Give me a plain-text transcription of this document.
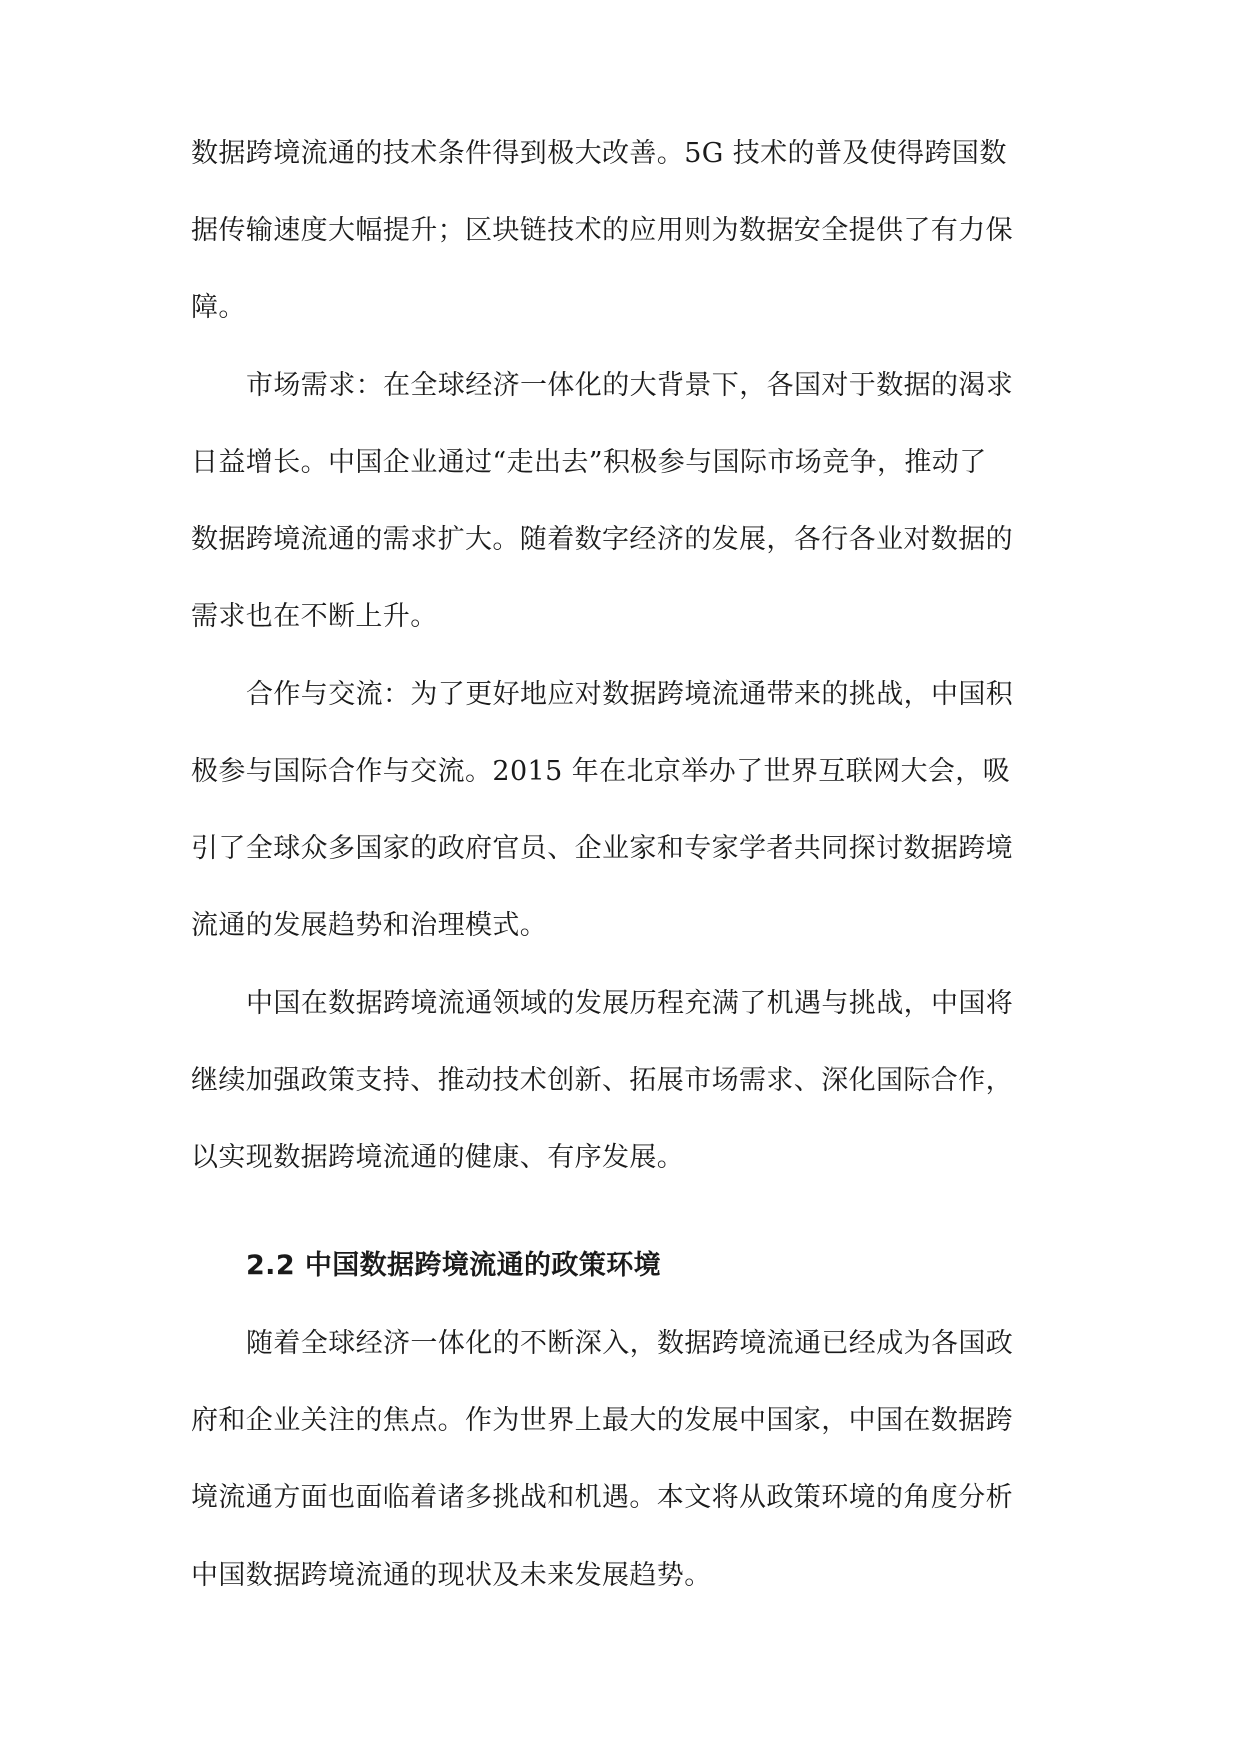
数据跨境流通的技术条件得到极大改善。5G 技术的普及使得跨国数
据传输速度大幅提升；区块链技术的应用则为数据安全提供了有力保
障。
市场需求：在全球经济一体化的大背景下，各国对于数据的渴求
日益增长。中国企业通过“走出去”积极参与国际市场竞争，推动了
数据跨境流通的需求扩大。随着数字经济的发展，各行各业对数据的
需求也在不断上升。
合作与交流：为了更好地应对数据跨境流通带来的挑战，中国积
极参与国际合作与交流。2015 年在北京举办了世界互联网大会，吸
引了全球众多国家的政府官员、企业家和专家学者共同探讨数据跨境
流通的发展趋势和治理模式。
中国在数据跨境流通领域的发展历程充满了机遇与挑战，中国将
继续加强政策支持、推动技术创新、拓展市场需求、深化国际合作，
以实现数据跨境流通的健康、有序发展。
2.2 中国数据跨境流通的政策环境
随着全球经济一体化的不断深入，数据跨境流通已经成为各国政
府和企业关注的焦点。作为世界上最大的发展中国家，中国在数据跨
境流通方面也面临着诸多挑战和机遇。本文将从政策环境的角度分析
中国数据跨境流通的现状及未来发展趋势。
